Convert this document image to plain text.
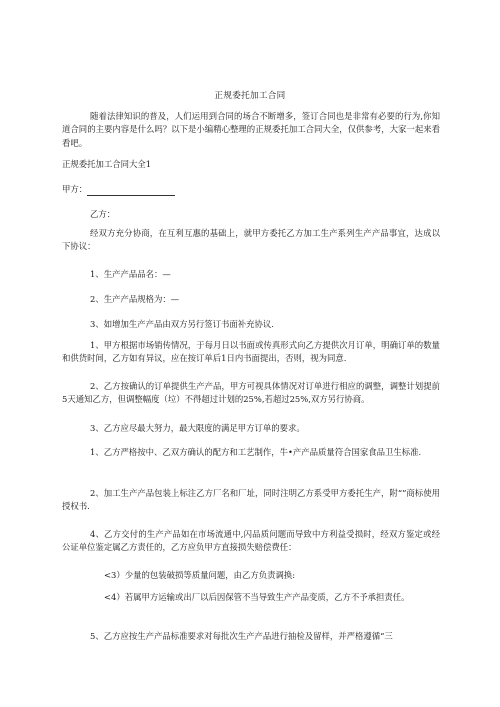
正规委托加工合同

随着法律知识的普及，人们运用到合同的场合不断增多，签订合同也是非常有必要的行为,你知道合同的主要内容是什么吗？以下是小编精心整理的正规委托加工合同大全，仅供参考，大家一起来看看吧。

正规委托加工合同大全1

甲方：

乙方：

经双方充分协商，在互利互惠的基础上，就甲方委托乙方加工生产系列生产产品事宜，达成以下协议：

1、生产产品品名：—

2、生产产品规格为：—

3、如增加生产产品由双方另行签订书面补充协议.

1、甲方根据市场销传情况，于每月日以书面或传真形式向乙方提供次月订单，明确订单的数量和供货时间，乙方如有异议，应在按订单后1日内书面提出，否则，视为同意.

2、乙方按确认的订单提供生产产品，甲方可视具体情况对订单进行相应的调整，调整计划提前5天通知乙方，但调整幅度（垃）不得超过计划的25%,若超过25%,双方另行协商。

3、乙方应尽最大努力，最大限度的满足甲方订单的要求。

1、乙方严格按中、乙双方确认的配方和工艺制作，牛•产产品质量符合国家食品卫生标准.

2、加工生产产品包装上标注乙方厂名和厂址，同时注明乙方系受甲方委托生产，附“”商标使用授权书.

4、乙方交付的生产产品如在市场流通中,闪品质问题而导致中方利益受损时，经双方鉴定或经公证单位鉴定属乙方责任的，乙方应负甲方直接损失赔偿费任：

<3）少量的包装破损等质量问题，由乙方负责调换:

<4）若属甲方运输或出厂以后因保管不当导致生产产品变质，乙方不予承担责任。

5、乙方应按生产产品标准要求对每批次生产产品进行抽检及留样，并严格遵循“三
